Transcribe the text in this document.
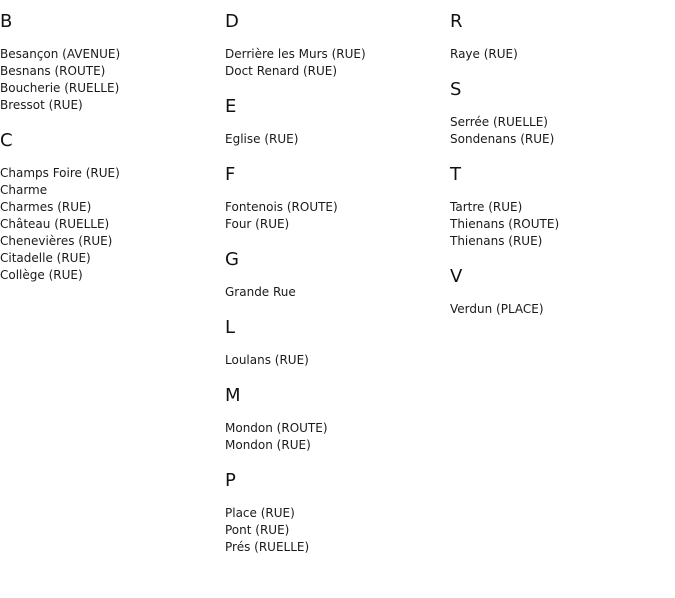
B
Besançon (AVENUE)
Besnans (ROUTE)
Boucherie (RUELLE)
Bressot (RUE)
C
Champs Foire (RUE)
Charme
Charmes (RUE)
Château (RUELLE)
Chenevières (RUE)
Citadelle (RUE)
Collège (RUE)
D
Derrière les Murs (RUE)
Doct Renard (RUE)
E
Eglise (RUE)
F
Fontenois (ROUTE)
Four (RUE)
G
Grande Rue
L
Loulans (RUE)
M
Mondon (ROUTE)
Mondon (RUE)
P
Place (RUE)
Pont (RUE)
Prés (RUELLE)
R
Raye (RUE)
S
Serrée (RUELLE)
Sondenans (RUE)
T
Tartre (RUE)
Thienans (ROUTE)
Thienans (RUE)
V
Verdun (PLACE)
